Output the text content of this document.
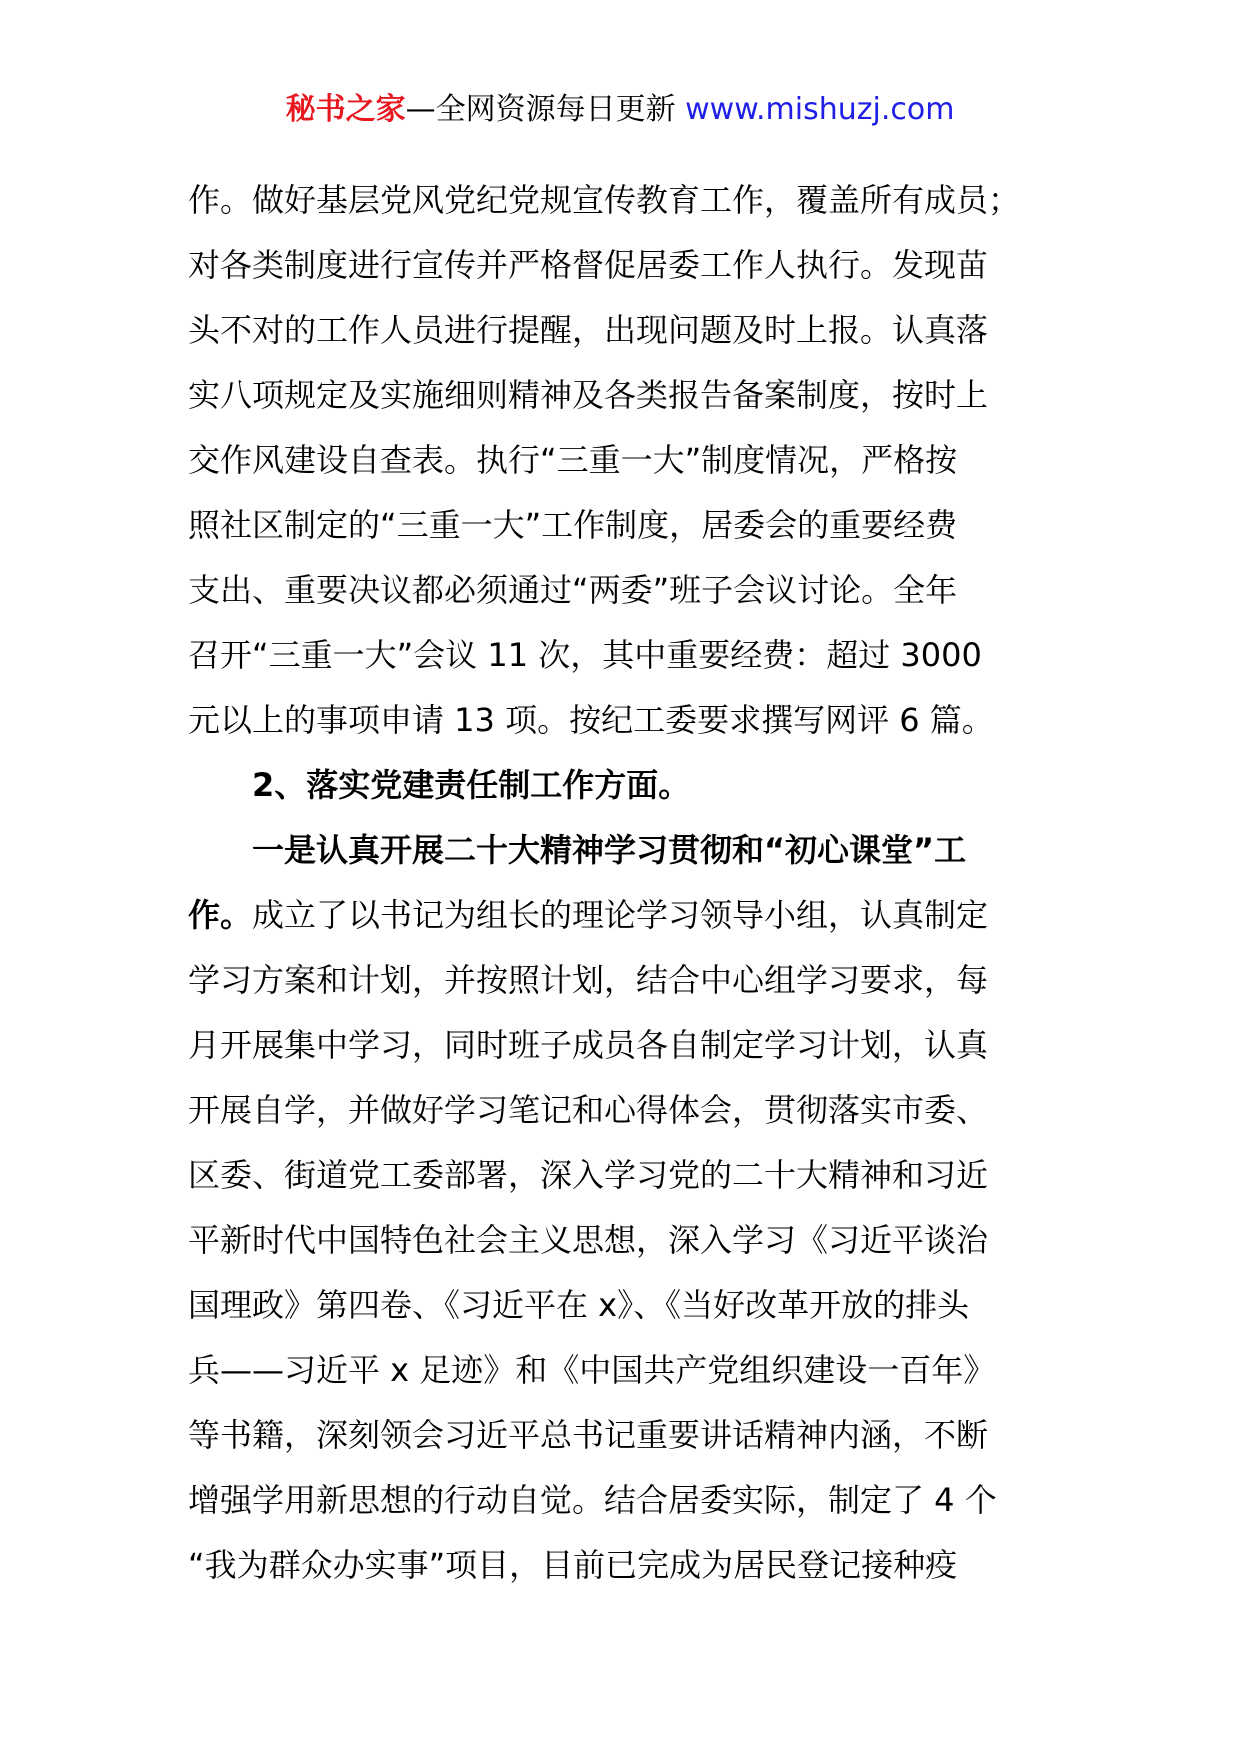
秘书之家—全网资源每日更新 www.mishuzj.com
作。做好基层党风党纪党规宣传教育工作，覆盖所有成员；
对各类制度进行宣传并严格督促居委工作人执行。发现苗
头不对的工作人员进行提醒，出现问题及时上报。认真落
实八项规定及实施细则精神及各类报告备案制度，按时上
交作风建设自查表。执行“三重一大”制度情况，严格按
照社区制定的“三重一大”工作制度，居委会的重要经费
支出、重要决议都必须通过“两委”班子会议讨论。全年
召开“三重一大”会议 11 次，其中重要经费：超过 3000
元以上的事项申请 13 项。按纪工委要求撰写网评 6 篇。
2、落实党建责任制工作方面。
一是认真开展二十大精神学习贯彻和“初心课堂”工
作。成立了以书记为组长的理论学习领导小组，认真制定
学习方案和计划，并按照计划，结合中心组学习要求，每
月开展集中学习，同时班子成员各自制定学习计划，认真
开展自学，并做好学习笔记和心得体会，贯彻落实市委、
区委、街道党工委部署，深入学习党的二十大精神和习近
平新时代中国特色社会主义思想，深入学习《习近平谈治
国理政》第四卷、《习近平在 x》、《当好改革开放的排头
兵——习近平 x 足迹》和《中国共产党组织建设一百年》
等书籍，深刻领会习近平总书记重要讲话精神内涵，不断
增强学用新思想的行动自觉。结合居委实际，制定了 4 个
“我为群众办实事”项目，目前已完成为居民登记接种疫
